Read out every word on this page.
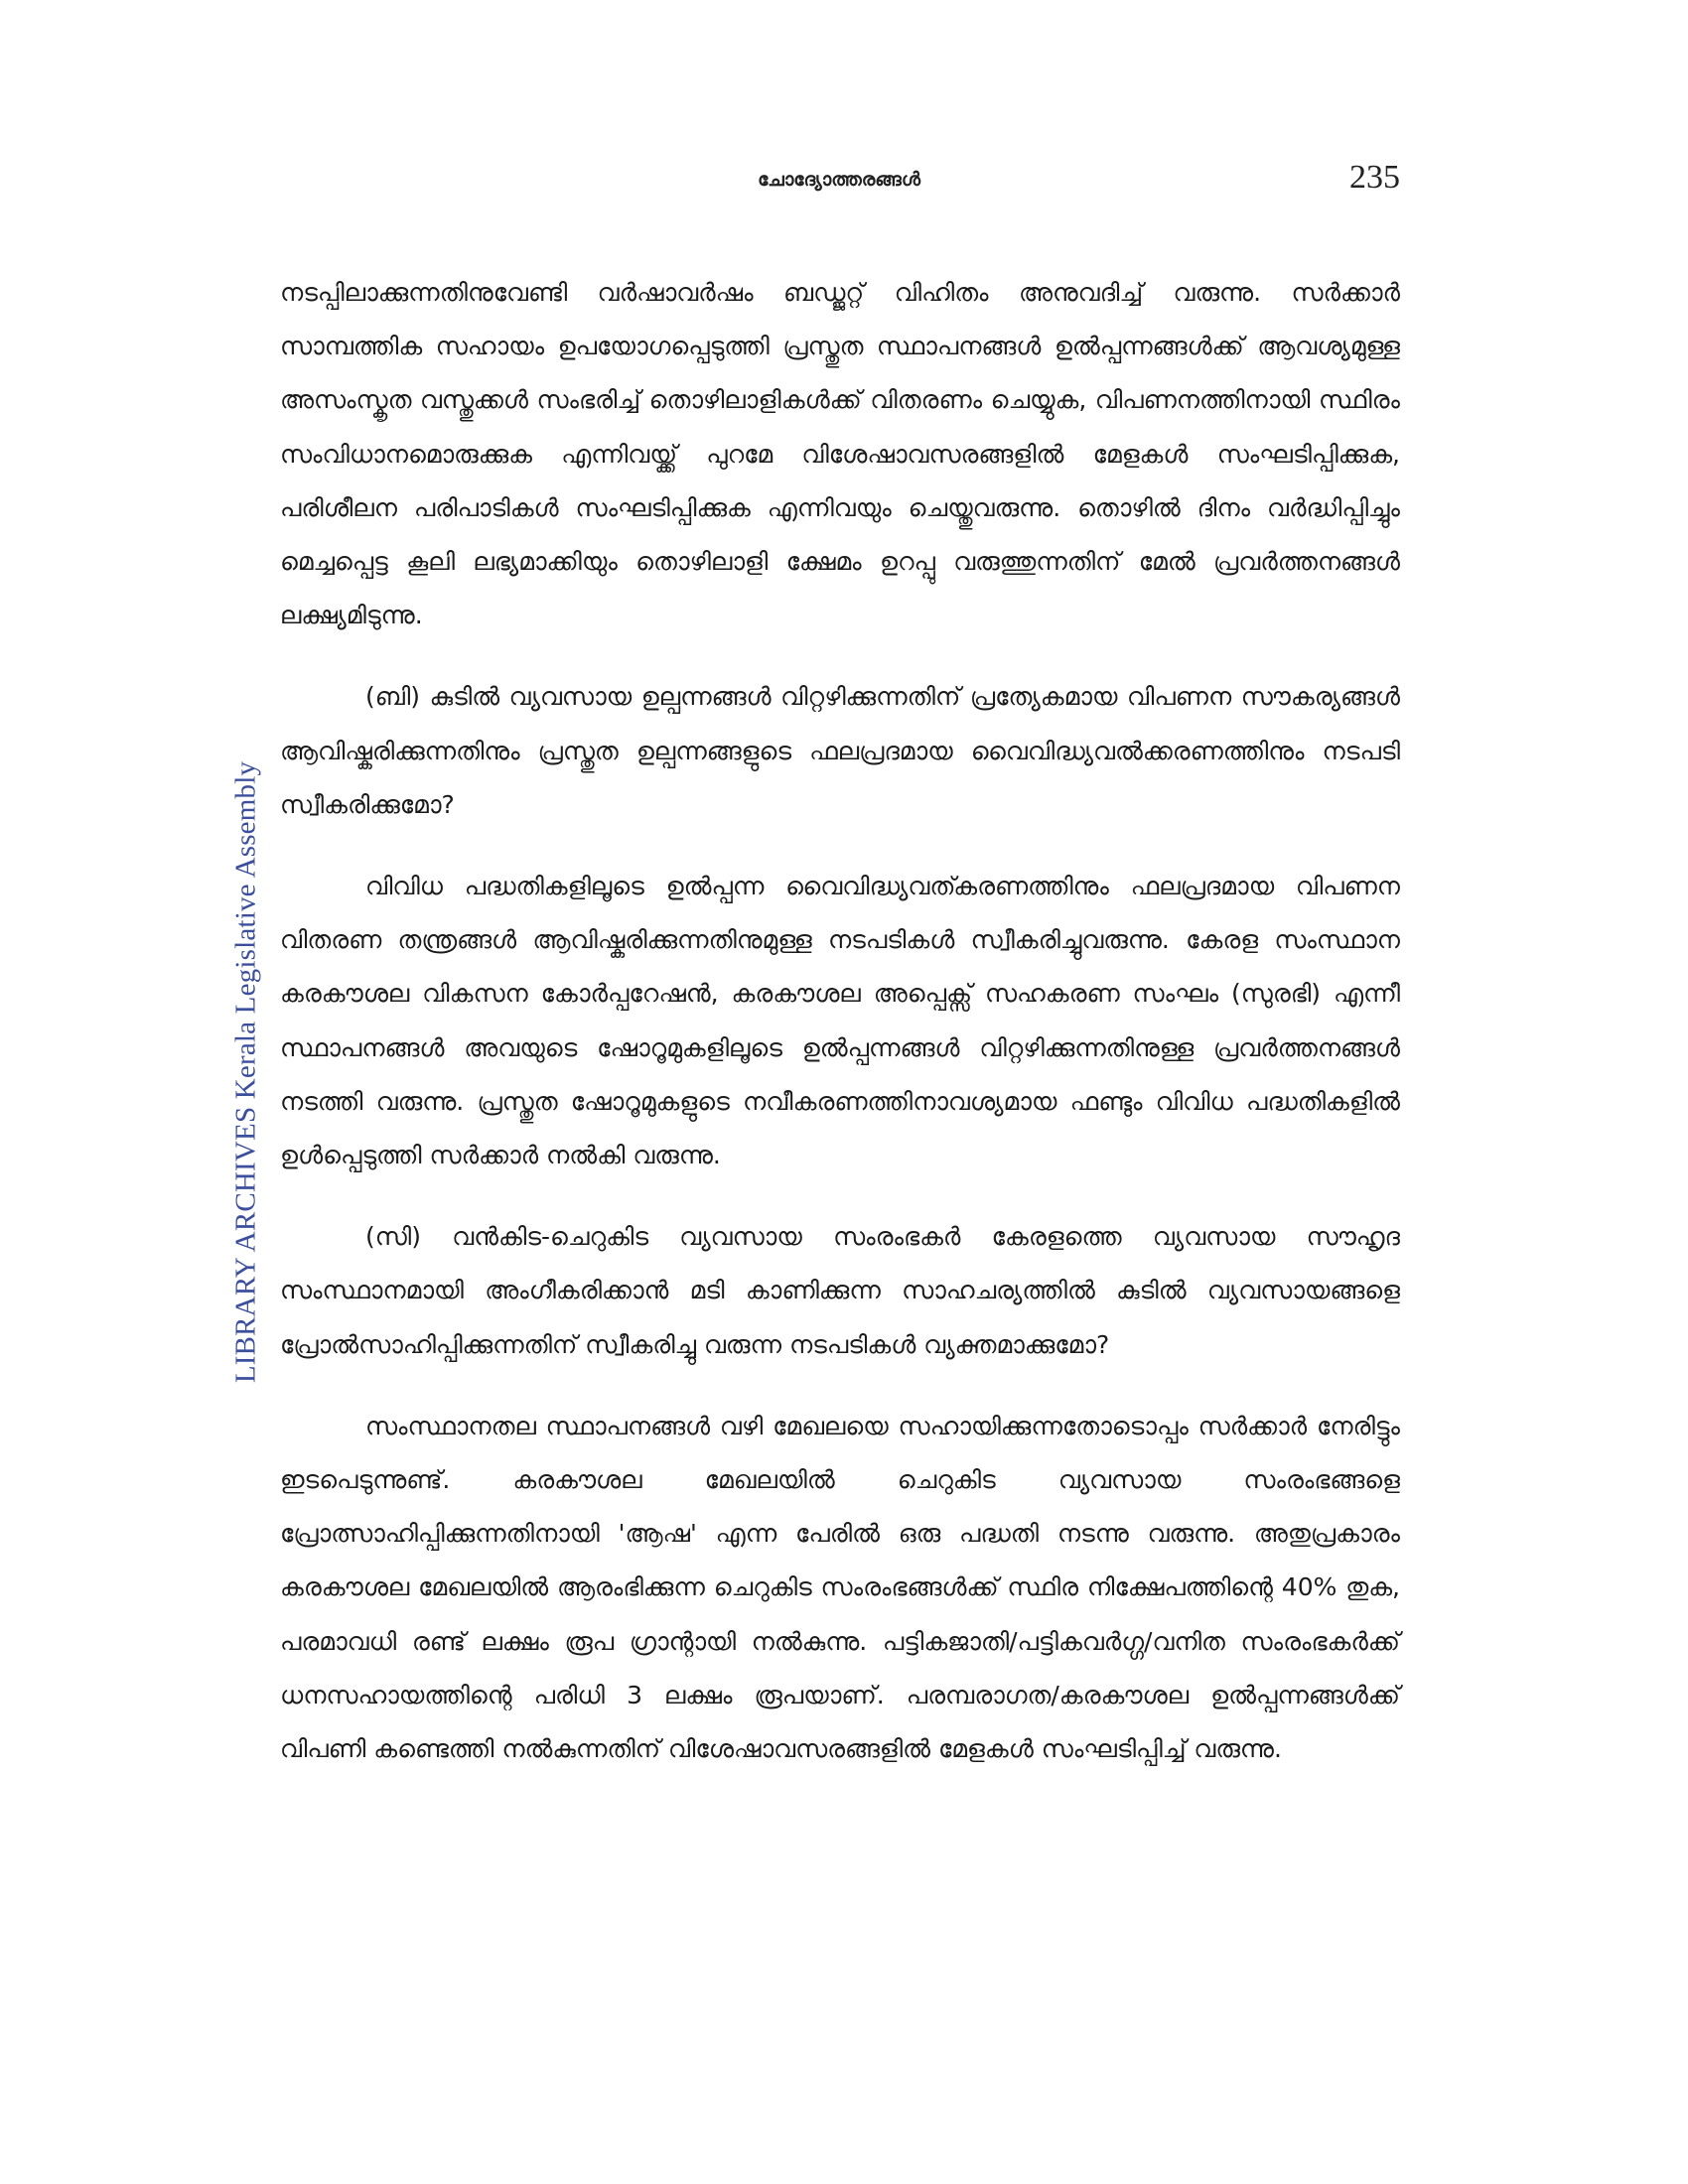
ചോദ്യോത്തരങ്ങൾ	235
LIBRARY ARCHIVES Kerala Legislative Assembly

നടപ്പിലാക്കുന്നതിനുവേണ്ടി വർഷാവർഷം ബഡ്ജറ്റ് വിഹിതം അനുവദിച്ച് വരുന്നു. സർക്കാർ സാമ്പത്തിക സഹായം ഉപയോഗപ്പെടുത്തി പ്രസ്തുത സ്ഥാപനങ്ങൾ ഉൽപ്പന്നങ്ങൾക്ക് ആവശ്യമുള്ള അസംസ്കൃത വസ്തുക്കൾ സംഭരിച്ച് തൊഴിലാളികൾക്ക് വിതരണം ചെയ്യുക, വിപണനത്തിനായി സ്ഥിരം സംവിധാനമൊരുക്കുക എന്നിവയ്ക്ക് പുറമേ വിശേഷാവസരങ്ങളിൽ മേളകൾ സംഘടിപ്പിക്കുക, പരിശീലന പരിപാടികൾ സംഘടിപ്പിക്കുക എന്നിവയും ചെയ്തുവരുന്നു. തൊഴിൽ ദിനം വർദ്ധിപ്പിച്ചും മെച്ചപ്പെട്ട കൂലി ലഭ്യമാക്കിയും തൊഴിലാളി ക്ഷേമം ഉറപ്പു വരുത്തുന്നതിന് മേൽ പ്രവർത്തനങ്ങൾ ലക്ഷ്യമിടുന്നു.

(ബി) കുടിൽ വ്യവസായ ഉല്പന്നങ്ങൾ വിറ്റഴിക്കുന്നതിന് പ്രത്യേകമായ വിപണന സൗകര്യങ്ങൾ ആവിഷ്കരിക്കുന്നതിനും പ്രസ്തുത ഉല്പന്നങ്ങളുടെ ഫലപ്രദമായ വൈവിദ്ധ്യവൽക്കരണത്തിനും നടപടി സ്വീകരിക്കുമോ?

വിവിധ പദ്ധതികളിലൂടെ ഉൽപ്പന്ന വൈവിദ്ധ്യവത്കരണത്തിനും ഫലപ്രദമായ വിപണന വിതരണ തന്ത്രങ്ങൾ ആവിഷ്കരിക്കുന്നതിനുമുള്ള നടപടികൾ സ്വീകരിച്ചുവരുന്നു. കേരള സംസ്ഥാന കരകൗശല വികസന കോർപ്പറേഷൻ, കരകൗശല അപ്പെക്സ് സഹകരണ സംഘം (സുരഭി) എന്നീ സ്ഥാപനങ്ങൾ അവയുടെ ഷോറൂമുകളിലൂടെ ഉൽപ്പന്നങ്ങൾ വിറ്റഴിക്കുന്നതിനുള്ള പ്രവർത്തനങ്ങൾ നടത്തി വരുന്നു. പ്രസ്തുത ഷോറൂമുകളുടെ നവീകരണത്തിനാവശ്യമായ ഫണ്ടും വിവിധ പദ്ധതികളിൽ ഉൾപ്പെടുത്തി സർക്കാർ നൽകി വരുന്നു.

(സി) വൻകിട-ചെറുകിട വ്യവസായ സംരംഭകർ കേരളത്തെ വ്യവസായ സൗഹൃദ സംസ്ഥാനമായി അംഗീകരിക്കാൻ മടി കാണിക്കുന്ന സാഹചര്യത്തിൽ കുടിൽ വ്യവസായങ്ങളെ പ്രോൽസാഹിപ്പിക്കുന്നതിന് സ്വീകരിച്ചു വരുന്ന നടപടികൾ വ്യക്തമാക്കുമോ?

സംസ്ഥാനതല സ്ഥാപനങ്ങൾ വഴി മേഖലയെ സഹായിക്കുന്നതോടൊപ്പം സർക്കാർ നേരിട്ടും ഇടപെടുന്നുണ്ട്. കരകൗശല മേഖലയിൽ ചെറുകിട വ്യവസായ സംരംഭങ്ങളെ പ്രോത്സാഹിപ്പിക്കുന്നതിനായി 'ആഷ' എന്ന പേരിൽ ഒരു പദ്ധതി നടന്നു വരുന്നു. അതുപ്രകാരം കരകൗശല മേഖലയിൽ ആരംഭിക്കുന്ന ചെറുകിട സംരംഭങ്ങൾക്ക് സ്ഥിര നിക്ഷേപത്തിന്റെ 40% തുക, പരമാവധി രണ്ട് ലക്ഷം രൂപ ഗ്രാന്റായി നൽകുന്നു. പട്ടികജാതി/പട്ടികവർഗ്ഗ/വനിത സംരംഭകർക്ക് ധനസഹായത്തിന്റെ പരിധി 3 ലക്ഷം രൂപയാണ്. പരമ്പരാഗത/കരകൗശല ഉൽപ്പന്നങ്ങൾക്ക് വിപണി കണ്ടെത്തി നൽകുന്നതിന് വിശേഷാവസരങ്ങളിൽ മേളകൾ സംഘടിപ്പിച്ച് വരുന്നു.
